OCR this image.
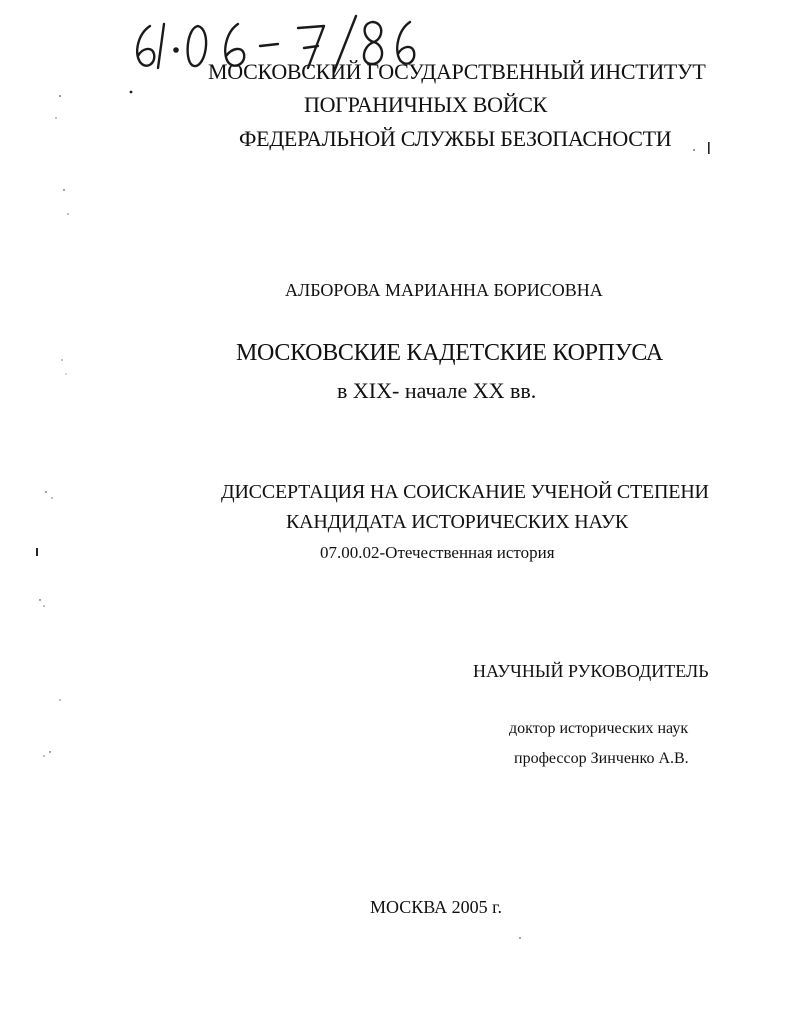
МОСКОВСКИЙ ГОСУДАРСТВЕННЫЙ ИНСТИТУТ
ПОГРАНИЧНЫХ ВОЙСК
ФЕДЕРАЛЬНОЙ СЛУЖБЫ БЕЗОПАСНОСТИ
АЛБОРОВА МАРИАННА БОРИСОВНА
МОСКОВСКИЕ КАДЕТСКИЕ КОРПУСА
в XIX- начале XX вв.
ДИССЕРТАЦИЯ НА СОИСКАНИЕ УЧЕНОЙ СТЕПЕНИ
КАНДИДАТА ИСТОРИЧЕСКИХ НАУК
07.00.02-Отечественная история
НАУЧНЫЙ РУКОВОДИТЕЛЬ
доктор исторических наук
профессор Зинченко А.В.
МОСКВА 2005 г.
